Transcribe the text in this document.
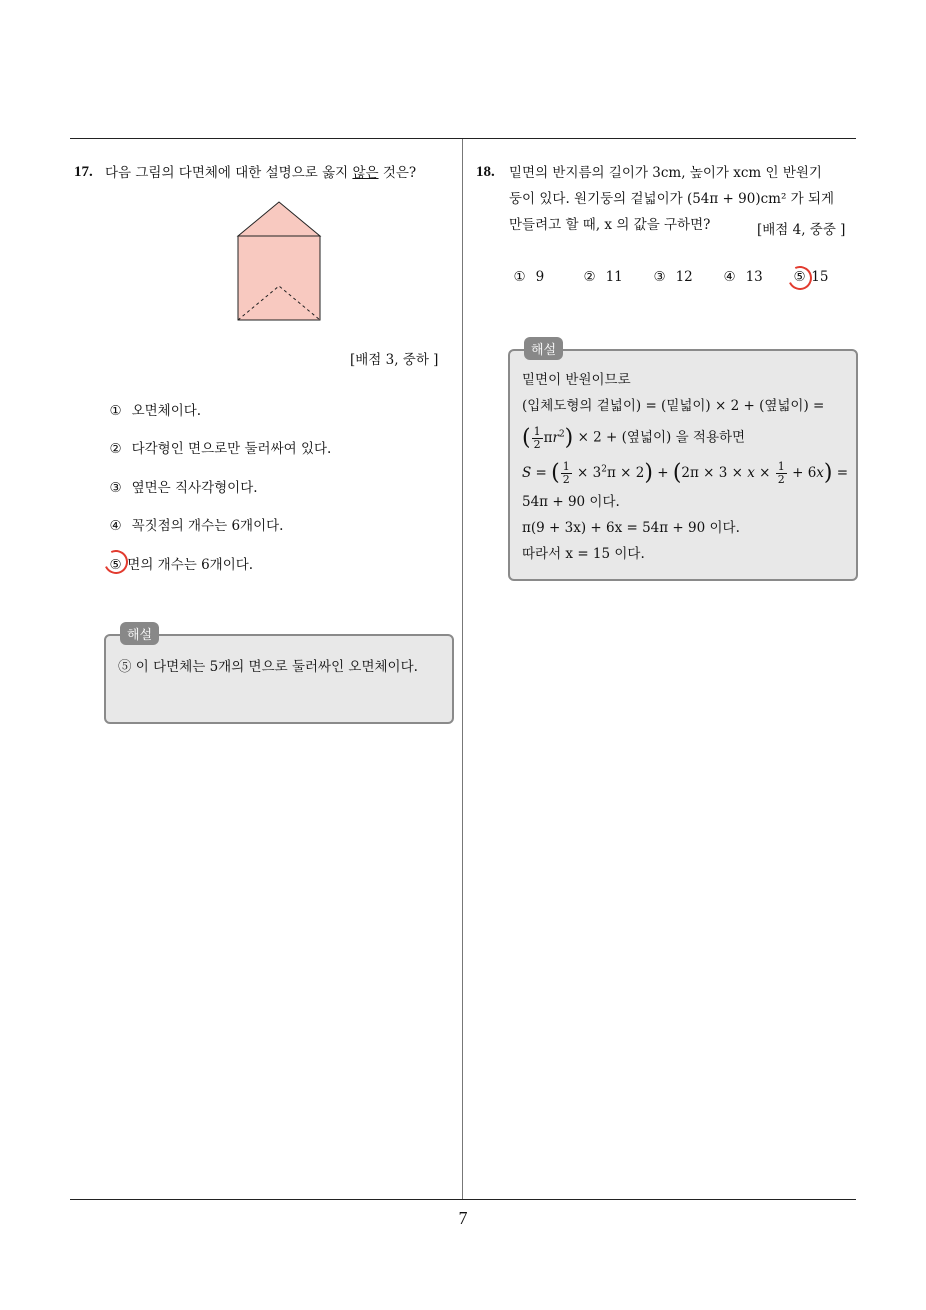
7
17. 다음 그림의 다면체에 대한 설명으로 옳지 않은 것은?
[배점 3, 중하 ]
① 오면체이다.
② 다각형인 면으로만 둘러싸여 있다.
③ 옆면은 직사각형이다.
④ 꼭짓점의 개수는 6개이다.
⑤ 면의 개수는 6개이다.
해설
⑤ 이 다면체는 5개의 면으로 둘러싸인 오면체이다.
18. 밑면의 반지름의 길이가 3cm, 높이가 xcm 인 반원기
둥이 있다. 원기둥의 겉넓이가 (54π + 90)cm² 가 되게
만들려고 할 때, x 의 값을 구하면?	[배점 4, 중중 ]
① 9	② 11 ③ 12 ④ 13 ⑤ 15
해설
밑면이 반원이므로
(입체도형의 겉넓이) = (밑넓이) × 2 + (옆넓이) =
( $\frac{1}{2} \pi r^2) \times 2$ + (옆넓이) 을 적용하면
S = ( $\frac{1}{2} \times 3^2\pi \times 2) + (2\pi \times 3 \times x \times \frac{1}{2} + 6x)$ =
54π + 90 이다.
π(9 + 3x) + 6x = 54π + 90 이다.
따라서 x = 15 이다.
